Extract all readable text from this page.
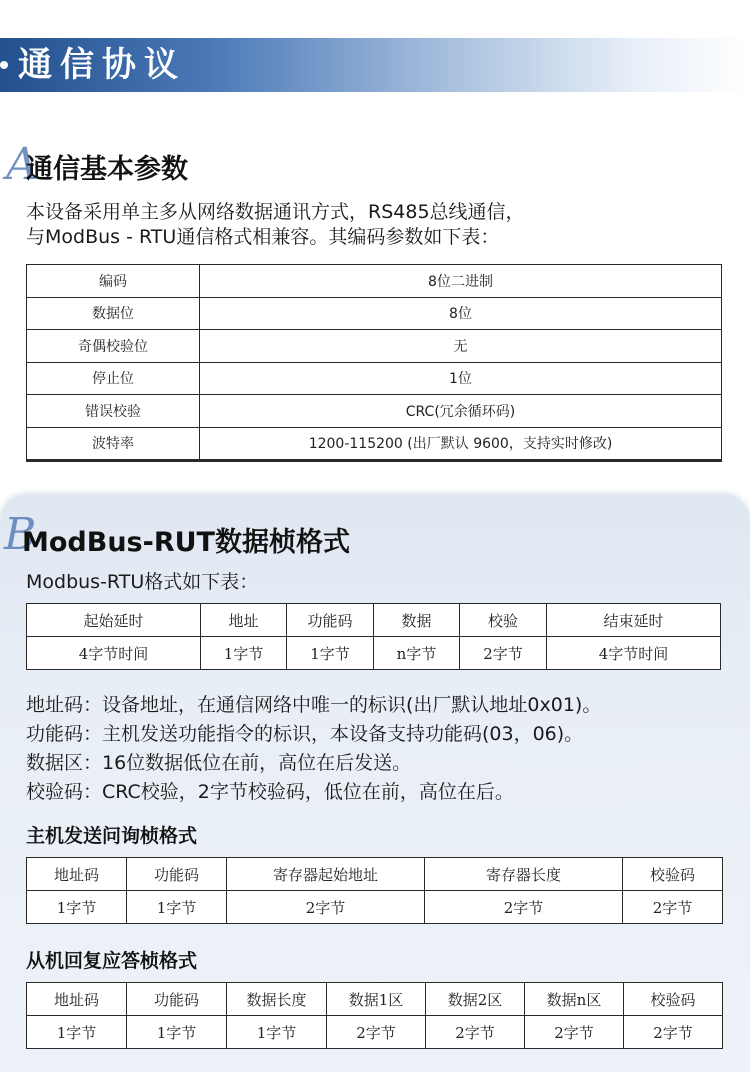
通信协议
A
通信基本参数
本设备采用单主多从网络数据通讯方式，RS485总线通信，
与ModBus - RTU通信格式相兼容。其编码参数如下表：
编码	8位二进制
数据位	8位
奇偶校验位	无
停止位	1位
错误校验	CRC(冗余循环码)
波特率	1200-115200 (出厂默认 9600，支持实时修改)
B
ModBus-RUT数据桢格式
Modbus-RTU格式如下表：
起始延时	地址	功能码	数据	校验	结束延时
4字节时间	1字节	1字节	n字节	2字节	4字节时间
地址码：设备地址，在通信网络中唯一的标识(出厂默认地址0x01)。
功能码：主机发送功能指令的标识，本设备支持功能码(03，06)。
数据区：16位数据低位在前，高位在后发送。
校验码：CRC校验，2字节校验码，低位在前，高位在后。
主机发送问询桢格式
地址码	功能码	寄存器起始地址	寄存器长度	校验码
1字节	1字节	2字节	2字节	2字节
从机回复应答桢格式
地址码	功能码	数据长度	数据1区	数据2区	数据n区	校验码
1字节	1字节	1字节	2字节	2字节	2字节	2字节
